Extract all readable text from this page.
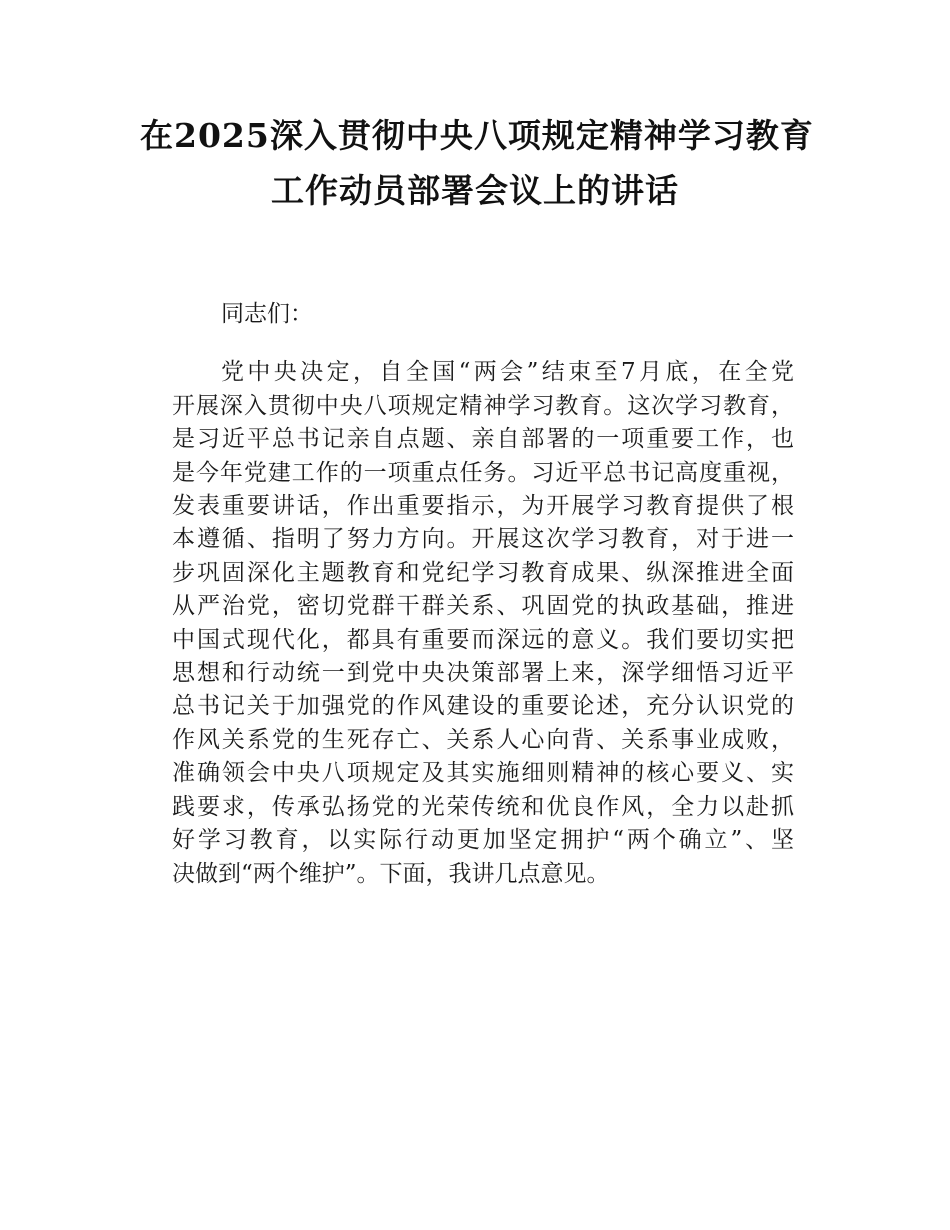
在2025深入贯彻中央八项规定精神学习教育
工作动员部署会议上的讲话

同志们：

党中央决定，自全国“两会”结束至7月底，在全党
开展深入贯彻中央八项规定精神学习教育。这次学习教育，
是习近平总书记亲自点题、亲自部署的一项重要工作，也
是今年党建工作的一项重点任务。习近平总书记高度重视，
发表重要讲话，作出重要指示，为开展学习教育提供了根
本遵循、指明了努力方向。开展这次学习教育，对于进一
步巩固深化主题教育和党纪学习教育成果、纵深推进全面
从严治党，密切党群干群关系、巩固党的执政基础，推进
中国式现代化，都具有重要而深远的意义。我们要切实把
思想和行动统一到党中央决策部署上来，深学细悟习近平
总书记关于加强党的作风建设的重要论述，充分认识党的
作风关系党的生死存亡、关系人心向背、关系事业成败，
准确领会中央八项规定及其实施细则精神的核心要义、实
践要求，传承弘扬党的光荣传统和优良作风，全力以赴抓
好学习教育，以实际行动更加坚定拥护“两个确立”、坚
决做到“两个维护”。下面，我讲几点意见。
